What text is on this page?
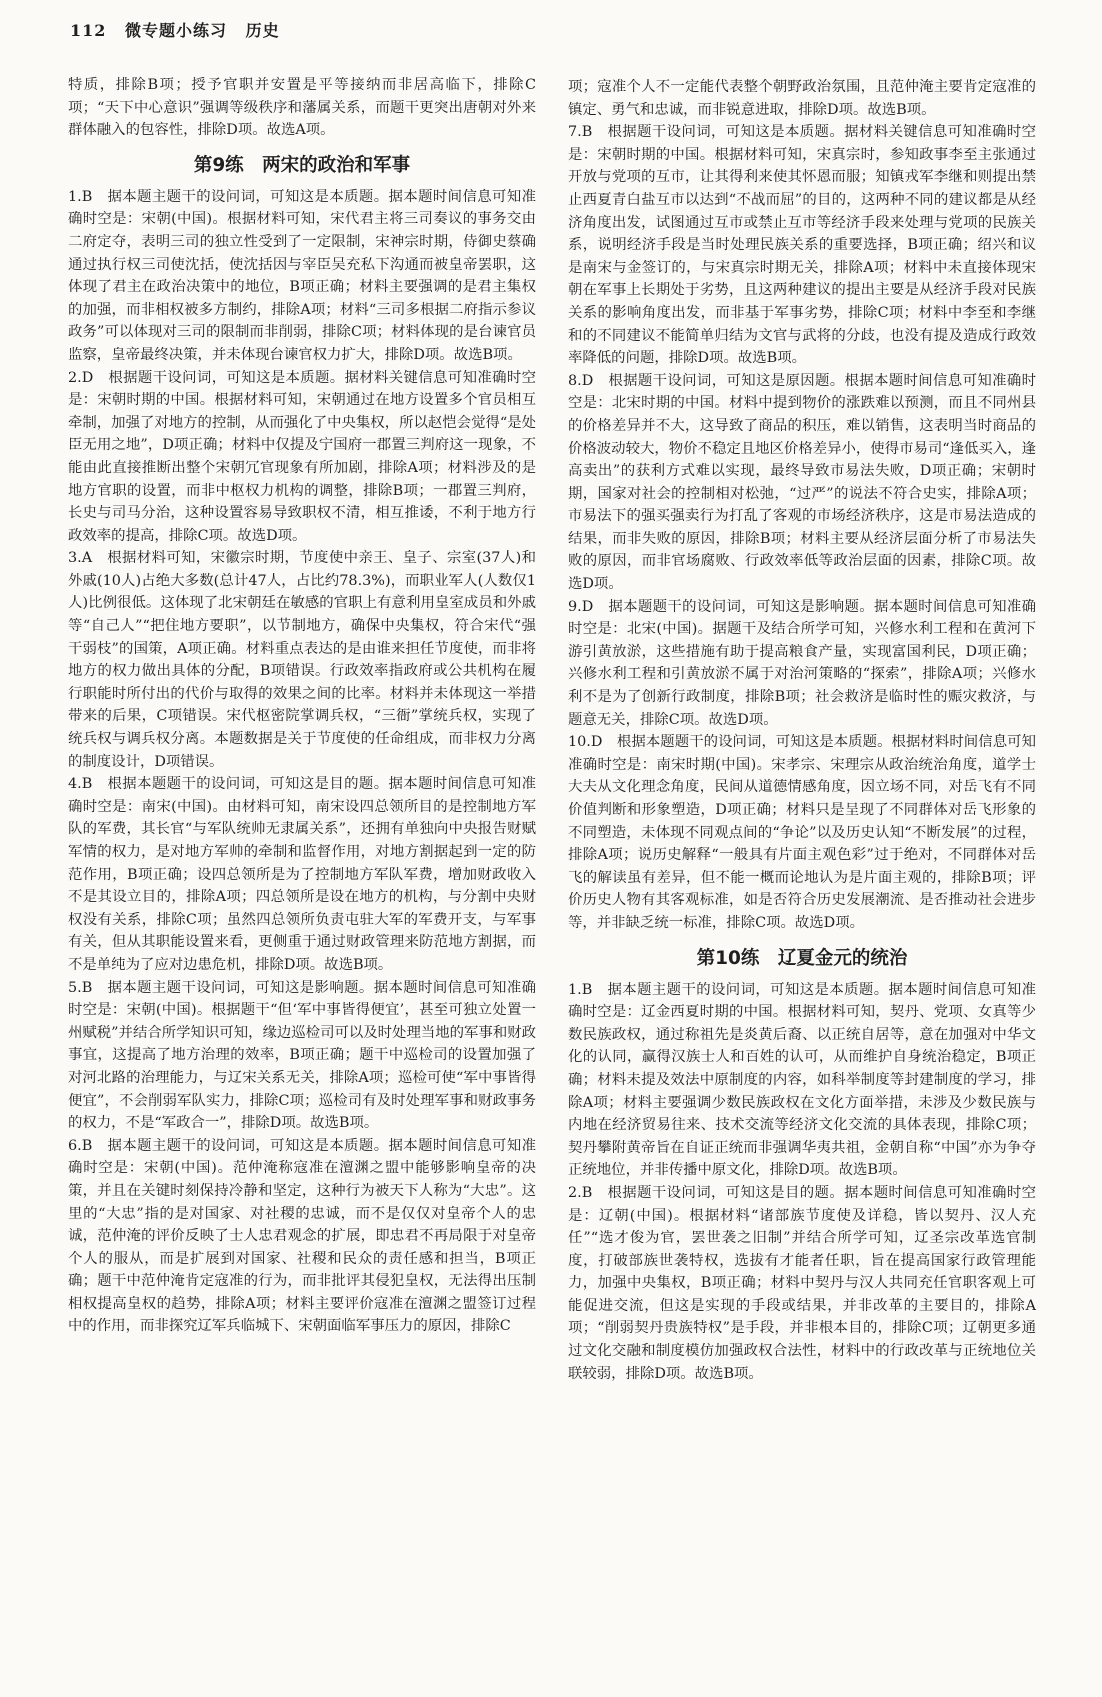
112 微专题小练习 历史

特质，排除B项；授予官职并安置是平等接纳而非居高临下，排除C项；“天下中心意识”强调等级秩序和藩属关系，而题干更突出唐朝对外来群体融入的包容性，排除D项。故选A项。

第9练　两宋的政治和军事

1.B　据本题主题干的设问词，可知这是本质题。据本题时间信息可知准确时空是：宋朝(中国)。根据材料可知，宋代君主将三司奏议的事务交由二府定夺，表明三司的独立性受到了一定限制，宋神宗时期，侍御史蔡确通过执行权三司使沈括，使沈括因与宰臣吴充私下沟通而被皇帝罢职，这体现了君主在政治决策中的地位，B项正确；材料主要强调的是君主集权的加强，而非相权被多方制约，排除A项；材料“三司多根据二府指示参议政务”可以体现对三司的限制而非削弱，排除C项；材料体现的是台谏官员监察，皇帝最终决策，并未体现台谏官权力扩大，排除D项。故选B项。

2.D　根据题干设问词，可知这是本质题。据材料关键信息可知准确时空是：宋朝时期的中国。根据材料可知，宋朝通过在地方设置多个官员相互牵制，加强了对地方的控制，从而强化了中央集权，所以赵恺会觉得“是处臣无用之地”，D项正确；材料中仅提及宁国府一郡置三判府这一现象，不能由此直接推断出整个宋朝冗官现象有所加剧，排除A项；材料涉及的是地方官职的设置，而非中枢权力机构的调整，排除B项；一郡置三判府，长史与司马分治，这种设置容易导致职权不清，相互推诿，不利于地方行政效率的提高，排除C项。故选D项。

3.A　根据材料可知，宋徽宗时期，节度使中亲王、皇子、宗室(37人)和外戚(10人)占绝大多数(总计47人，占比约78.3%)，而职业军人(人数仅1人)比例很低。这体现了北宋朝廷在敏感的官职上有意利用皇室成员和外戚等“自己人”“把住地方要职”，以节制地方，确保中央集权，符合宋代“强干弱枝”的国策，A项正确。材料重点表达的是由谁来担任节度使，而非将地方的权力做出具体的分配，B项错误。行政效率指政府或公共机构在履行职能时所付出的代价与取得的效果之间的比率。材料并未体现这一举措带来的后果，C项错误。宋代枢密院掌调兵权，“三衙”掌统兵权，实现了统兵权与调兵权分离。本题数据是关于节度使的任命组成，而非权力分离的制度设计，D项错误。

4.B　根据本题题干的设问词，可知这是目的题。据本题时间信息可知准确时空是：南宋(中国)。由材料可知，南宋设四总领所目的是控制地方军队的军费，其长官“与军队统帅无隶属关系”，还拥有单独向中央报告财赋军情的权力，是对地方军帅的牵制和监督作用，对地方割据起到一定的防范作用，B项正确；设四总领所是为了控制地方军队军费，增加财政收入不是其设立目的，排除A项；四总领所是设在地方的机构，与分割中央财权没有关系，排除C项；虽然四总领所负责屯驻大军的军费开支，与军事有关，但从其职能设置来看，更侧重于通过财政管理来防范地方割据，而不是单纯为了应对边患危机，排除D项。故选B项。

5.B　据本题主题干设问词，可知这是影响题。据本题时间信息可知准确时空是：宋朝(中国)。根据题干“但‘军中事皆得便宜’，甚至可独立处置一州赋税”并结合所学知识可知，缘边巡检司可以及时处理当地的军事和财政事宜，这提高了地方治理的效率，B项正确；题干中巡检司的设置加强了对河北路的治理能力，与辽宋关系无关，排除A项；巡检可使“军中事皆得便宜”，不会削弱军队实力，排除C项；巡检司有及时处理军事和财政事务的权力，不是“军政合一”，排除D项。故选B项。

6.B　据本题主题干的设问词，可知这是本质题。据本题时间信息可知准确时空是：宋朝(中国)。范仲淹称寇准在澶渊之盟中能够影响皇帝的决策，并且在关键时刻保持冷静和坚定，这种行为被天下人称为“大忠”。这里的“大忠”指的是对国家、对社稷的忠诚，而不是仅仅对皇帝个人的忠诚，范仲淹的评价反映了士人忠君观念的扩展，即忠君不再局限于对皇帝个人的服从，而是扩展到对国家、社稷和民众的责任感和担当，B项正确；题干中范仲淹肯定寇准的行为，而非批评其侵犯皇权，无法得出压制相权提高皇权的趋势，排除A项；材料主要评价寇准在澶渊之盟签订过程中的作用，而非探究辽军兵临城下、宋朝面临军事压力的原因，排除C

项；寇准个人不一定能代表整个朝野政治氛围，且范仲淹主要肯定寇准的镇定、勇气和忠诚，而非锐意进取，排除D项。故选B项。

7.B　根据题干设问词，可知这是本质题。据材料关键信息可知准确时空是：宋朝时期的中国。根据材料可知，宋真宗时，参知政事李至主张通过开放与党项的互市，让其得利来使其怀恩而服；知镇戎军李继和则提出禁止西夏青白盐互市以达到“不战而屈”的目的，这两种不同的建议都是从经济角度出发，试图通过互市或禁止互市等经济手段来处理与党项的民族关系，说明经济手段是当时处理民族关系的重要选择，B项正确；绍兴和议是南宋与金签订的，与宋真宗时期无关，排除A项；材料中未直接体现宋朝在军事上长期处于劣势，且这两种建议的提出主要是从经济手段对民族关系的影响角度出发，而非基于军事劣势，排除C项；材料中李至和李继和的不同建议不能简单归结为文官与武将的分歧，也没有提及造成行政效率降低的问题，排除D项。故选B项。

8.D　根据题干设问词，可知这是原因题。根据本题时间信息可知准确时空是：北宋时期的中国。材料中提到物价的涨跌难以预测，而且不同州县的价格差异并不大，这导致了商品的积压，难以销售，这表明当时商品的价格波动较大，物价不稳定且地区价格差异小，使得市易司“逢低买入，逢高卖出”的获利方式难以实现，最终导致市易法失败，D项正确；宋朝时期，国家对社会的控制相对松弛，“过严”的说法不符合史实，排除A项；市易法下的强买强卖行为打乱了客观的市场经济秩序，这是市易法造成的结果，而非失败的原因，排除B项；材料主要从经济层面分析了市易法失败的原因，而非官场腐败、行政效率低等政治层面的因素，排除C项。故选D项。

9.D　据本题题干的设问词，可知这是影响题。据本题时间信息可知准确时空是：北宋(中国)。据题干及结合所学可知，兴修水利工程和在黄河下游引黄放淤，这些措施有助于提高粮食产量，实现富国利民，D项正确；兴修水利工程和引黄放淤不属于对治河策略的“探索”，排除A项；兴修水利不是为了创新行政制度，排除B项；社会救济是临时性的赈灾救济，与题意无关，排除C项。故选D项。

10.D　根据本题题干的设问词，可知这是本质题。根据材料时间信息可知准确时空是：南宋时期(中国)。宋孝宗、宋理宗从政治统治角度，道学士大夫从文化理念角度，民间从道德情感角度，因立场不同，对岳飞有不同价值判断和形象塑造，D项正确；材料只是呈现了不同群体对岳飞形象的不同塑造，未体现不同观点间的“争论”以及历史认知“不断发展”的过程，排除A项；说历史解释“一般具有片面主观色彩”过于绝对，不同群体对岳飞的解读虽有差异，但不能一概而论地认为是片面主观的，排除B项；评价历史人物有其客观标准，如是否符合历史发展潮流、是否推动社会进步等，并非缺乏统一标准，排除C项。故选D项。

第10练　辽夏金元的统治

1.B　据本题主题干的设问词，可知这是本质题。据本题时间信息可知准确时空是：辽金西夏时期的中国。根据材料可知，契丹、党项、女真等少数民族政权，通过称祖先是炎黄后裔、以正统自居等，意在加强对中华文化的认同，赢得汉族士人和百姓的认可，从而维护自身统治稳定，B项正确；材料未提及效法中原制度的内容，如科举制度等封建制度的学习，排除A项；材料主要强调少数民族政权在文化方面举措，未涉及少数民族与内地在经济贸易往来、技术交流等经济文化交流的具体表现，排除C项；契丹攀附黄帝旨在自证正统而非强调华夷共祖，金朝自称“中国”亦为争夺正统地位，并非传播中原文化，排除D项。故选B项。

2.B　根据题干设问词，可知这是目的题。据本题时间信息可知准确时空是：辽朝(中国)。根据材料“诸部族节度使及详稳，皆以契丹、汉人充任”“选才俊为官，罢世袭之旧制”并结合所学可知，辽圣宗改革选官制度，打破部族世袭特权，选拔有才能者任职，旨在提高国家行政管理能力，加强中央集权，B项正确；材料中契丹与汉人共同充任官职客观上可能促进交流，但这是实现的手段或结果，并非改革的主要目的，排除A项；“削弱契丹贵族特权”是手段，并非根本目的，排除C项；辽朝更多通过文化交融和制度模仿加强政权合法性，材料中的行政改革与正统地位关联较弱，排除D项。故选B项。
